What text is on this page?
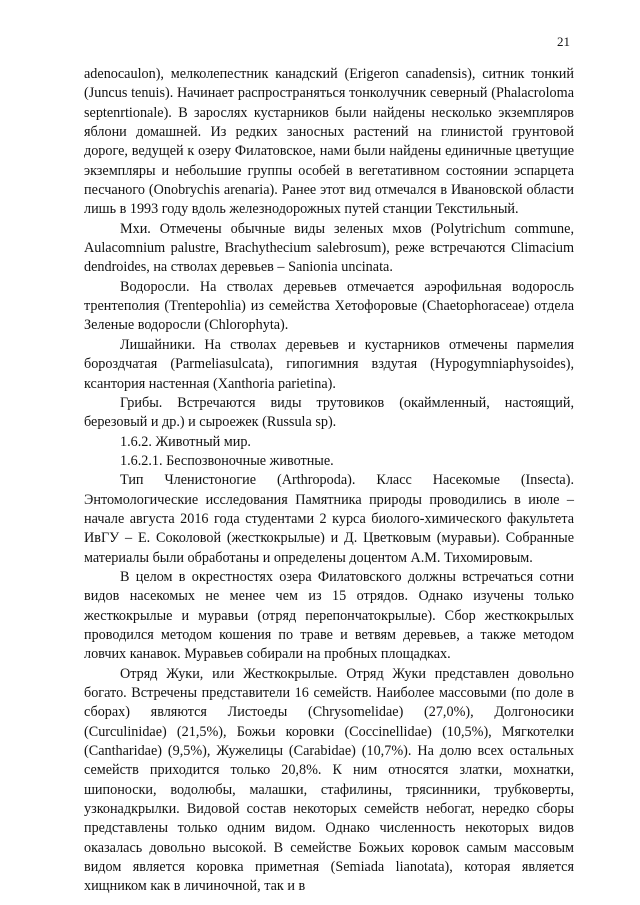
21

adenocaulon), мелколепестник канадский (Erigeron canadensis), ситник тонкий (Juncus tenuis). Начинает распространяться тонколучник северный (Phalacroloma septenrtionale). В зарослях кустарников были найдены несколько экземпляров яблони домашней. Из редких заносных растений на глинистой грунтовой дороге, ведущей к озеру Филатовское, нами были найдены единичные цветущие экземпляры и небольшие группы особей в вегетативном состоянии эспарцета песчаного (Onobrychis arenaria). Ранее этот вид отмечался в Ивановской области лишь в 1993 году вдоль железнодорожных путей станции Текстильный.

Мхи. Отмечены обычные виды зеленых мхов (Polytrichum commune, Aulacomnium palustre, Brachythecium salebrosum), реже встречаются Climacium dendroides, на стволах деревьев – Sanionia uncinata.

Водоросли. На стволах деревьев отмечается аэрофильная водоросль трентеполия (Trentepohlia) из семейства Хетофоровые (Chaetophoraceae) отдела Зеленые водоросли (Chlorophyta).

Лишайники. На стволах деревьев и кустарников отмечены пармелия бороздчатая (Parmeliasulcata), гипогимния вздутая (Hypogymniaphysoides), ксантория настенная (Xanthoria parietina).

Грибы. Встречаются виды трутовиков (окаймленный, настоящий, березовый и др.) и сыроежек (Russula sp).

1.6.2. Животный мир.

1.6.2.1. Беспозвоночные животные.

Тип Членистоногие (Arthropoda). Класс Насекомые (Insecta). Энтомологические исследования Памятника природы проводились в июле – начале августа 2016 года студентами 2 курса биолого-химического факультета ИвГУ – Е. Соколовой (жесткокрылые) и Д. Цветковым (муравьи). Собранные материалы были обработаны и определены доцентом А.М. Тихомировым.

В целом в окрестностях озера Филатовского должны встречаться сотни видов насекомых не менее чем из 15 отрядов. Однако изучены только жесткокрылые и муравьи (отряд перепончатокрылые). Сбор жесткокрылых проводился методом кошения по траве и ветвям деревьев, а также методом ловчих канавок. Муравьев собирали на пробных площадках.

Отряд Жуки, или Жесткокрылые. Отряд Жуки представлен довольно богато. Встречены представители 16 семейств. Наиболее массовыми (по доле в сборах) являются Листоеды (Chrysomelidae) (27,0%), Долгоносики (Curculinidae) (21,5%), Божьи коровки (Coccinellidae) (10,5%), Мягкотелки (Cantharidae) (9,5%), Жужелицы (Carabidae) (10,7%). На долю всех остальных семейств приходится только 20,8%. К ним относятся златки, мохнатки, шипоноски, водолюбы, малашки, стафилины, трясинники, трубковерты, узконадкрылки. Видовой состав некоторых семейств небогат, нередко сборы представлены только одним видом. Однако численность некоторых видов оказалась довольно высокой. В семействе Божьих коровок самым массовым видом является коровка приметная (Semiada lianotata), которая является хищником как в личиночной, так и в
